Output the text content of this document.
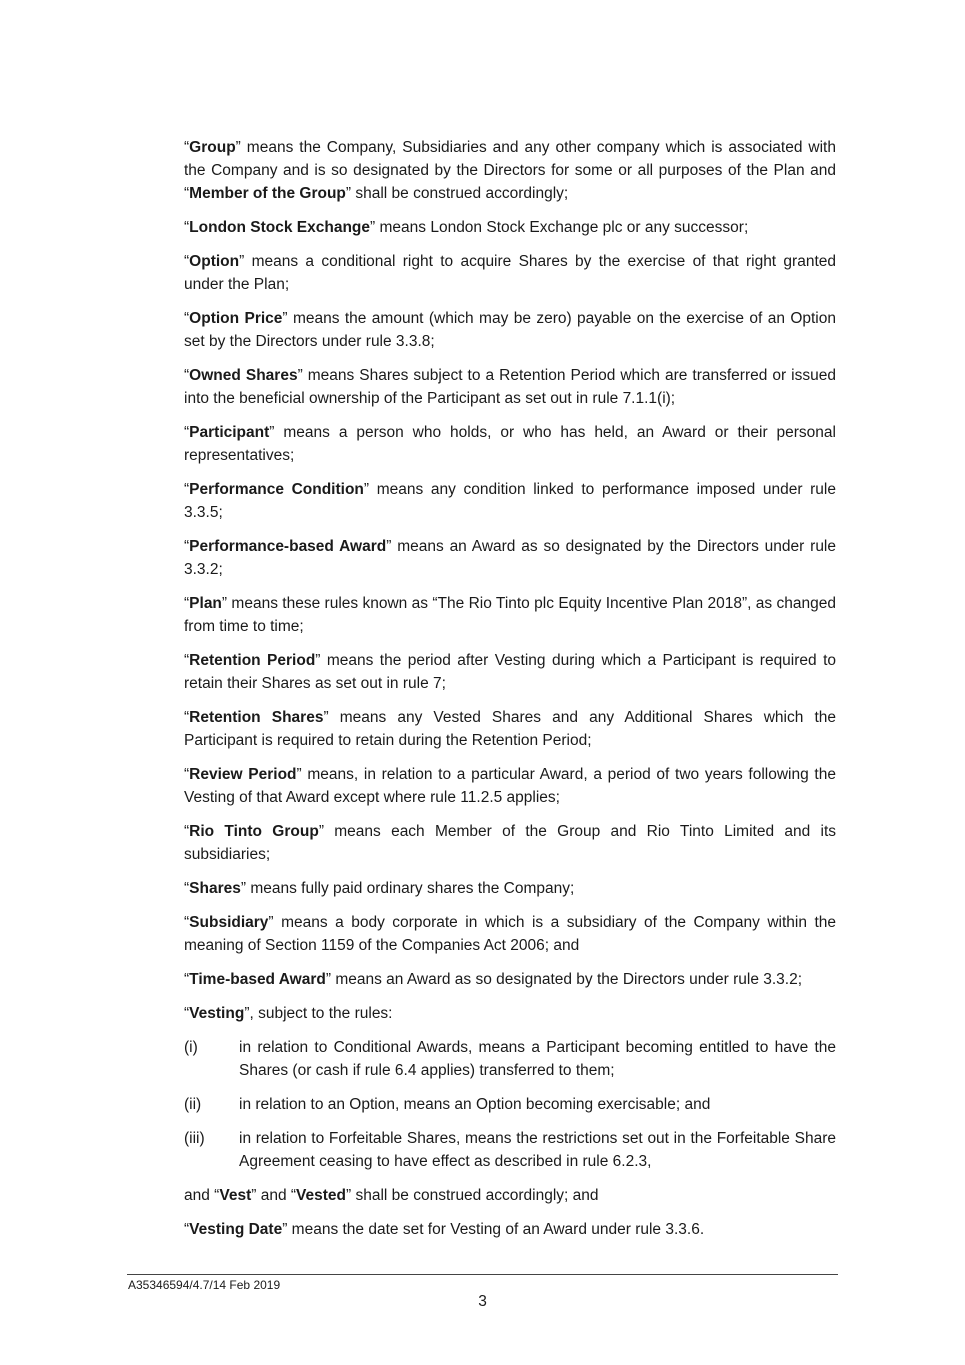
“Group” means the Company, Subsidiaries and any other company which is associated with the Company and is so designated by the Directors for some or all purposes of the Plan and “Member of the Group” shall be construed accordingly;

“London Stock Exchange” means London Stock Exchange plc or any successor;

“Option” means a conditional right to acquire Shares by the exercise of that right granted under the Plan;

“Option Price” means the amount (which may be zero) payable on the exercise of an Option set by the Directors under rule 3.3.8;

“Owned Shares” means Shares subject to a Retention Period which are transferred or issued into the beneficial ownership of the Participant as set out in rule 7.1.1(i);

“Participant” means a person who holds, or who has held, an Award or their personal representatives;

“Performance Condition” means any condition linked to performance imposed under rule 3.3.5;

“Performance-based Award” means an Award as so designated by the Directors under rule 3.3.2;

“Plan” means these rules known as “The Rio Tinto plc Equity Incentive Plan 2018”, as changed from time to time;

“Retention Period” means the period after Vesting during which a Participant is required to retain their Shares as set out in rule 7;

“Retention Shares” means any Vested Shares and any Additional Shares which the Participant is required to retain during the Retention Period;

“Review Period” means, in relation to a particular Award, a period of two years following the Vesting of that Award except where rule 11.2.5 applies;

“Rio Tinto Group” means each Member of the Group and Rio Tinto Limited and its subsidiaries;

“Shares” means fully paid ordinary shares the Company;

“Subsidiary” means a body corporate in which is a subsidiary of the Company within the meaning of Section 1159 of the Companies Act 2006; and

“Time-based Award” means an Award as so designated by the Directors under rule 3.3.2;

“Vesting”, subject to the rules:

(i)	in relation to Conditional Awards, means a Participant becoming entitled to have the Shares (or cash if rule 6.4 applies) transferred to them;
(ii)	in relation to an Option, means an Option becoming exercisable; and
(iii)	in relation to Forfeitable Shares, means the restrictions set out in the Forfeitable Share Agreement ceasing to have effect as described in rule 6.2.3,

and “Vest” and “Vested” shall be construed accordingly; and

“Vesting Date” means the date set for Vesting of an Award under rule 3.3.6.

A35346594/4.7/14 Feb 2019
3
